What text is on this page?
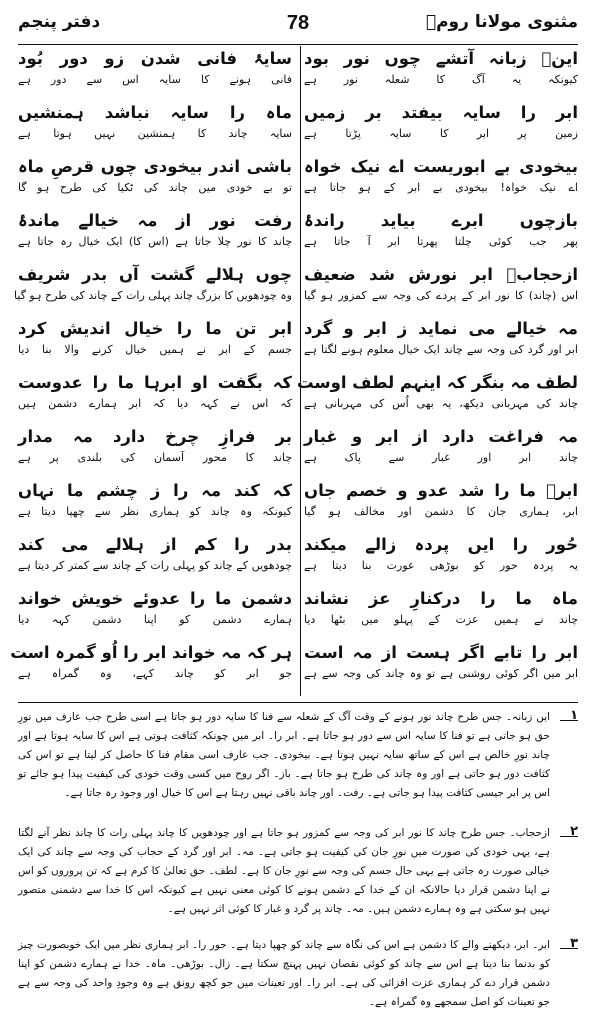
مثنوی مولانا رومؒ
78
دفتر پنجم
اینؔ زبانہ آتشے چوں نور بود
کیونکہ یہ آگ کا شعلہ نور ہے
ابر را سایہ بیفتد بر زمیں
زمین پر ابر کا سایہ پڑتا ہے
بیخودی بے ابوریست اے نیک خواہ
اے نیک خواہ! بیخودی بے ابر کے ہو جاتا ہے
بازچوں ابرے بیاید راندۂ
پھر جب کوئی چلتا پھرتا ابر آ جاتا ہے
ازحجابؔ ابر نورش شد ضعیف
اس (چاند) کا نور ابر کے پردے کی وجہ سے کمزور ہو گیا
مہ خیالے می نماید ز ابر و گرد
ابر اور گرد کی وجہ سے چاند ایک خیال معلوم ہونے لگتا ہے
لطف مہ بنگر کہ اینہم لطف اوست
چاند کی مہربانی دیکھ، یہ بھی اُس کی مہربانی ہے
مہ فراغت دارد از ابر و غبار
چاند ابر اور غبار سے پاک ہے
ابرؔ ما را شد عدو و خصم جاں
ابر، ہماری جان کا دشمن اور مخالف ہو گیا
حُور را ایں پردہ زالے میکند
یہ پردہ حور کو بوڑھی عورت بنا دیتا ہے
ماہ ما را درکنارِ عز نشاند
چاند نے ہمیں عزت کے پہلو میں بٹھا دیا
ابر را تابے اگر ہست از مہ است
ابر میں اگر کوئی روشنی ہے تو وہ چاند کی وجہ سے ہے
سایۂ فانی شدن زو دور بُود
فانی ہونے کا سایہ اس سے دور ہے
ماہ را سایہ نباشد ہمنشیں
سایہ چاند کا ہمنشین نہیں ہوتا ہے
باشی اندر بیخودی چوں قرصِ ماہ
تو بے خودی میں چاند کی ٹکیا کی طرح ہو گا
رفت نور از مہ خیالے ماندۂ
چاند کا نور چلا جاتا ہے (اس کا) ایک خیال رہ جاتا ہے
چوں ہلالے گشت آں بدر شریف
وہ چودھویں کا بزرگ چاند پہلی رات کے چاند کی طرح ہو گیا
ابر تن ما را خیال اندیش کرد
جسم کے ابر نے ہمیں خیال کرنے والا بنا دیا
کہ بگفت او ابرہا ما را عدوست
کہ اس نے کہہ دیا کہ ابر ہمارے دشمن ہیں
بر فرازِ چرخ دارد مہ مدار
چاند کا محور آسمان کی بلندی پر ہے
کہ کند مہ را ز چشم ما نہاں
کیونکہ وہ چاند کو ہماری نظر سے چھپا دیتا ہے
بدر را کم از ہلالے می کند
چودھویں کے چاند کو پہلی رات کے چاند سے کمتر کر دیتا ہے
دشمن ما را عدوئے خویش خواند
ہمارے دشمن کو اپنا دشمن کہہ دیا
ہر کہ مہ خواند ابر را اُو گمرہ است
جو ابر کو چاند کہے، وہ گمراہ ہے
۱
ایں زبانہ۔ جس طرح چاند نور ہونے کے وقت آگ کے شعلہ سے فنا کا سایہ دور ہو جاتا ہے اسی طرح جب عارف میں نورِ حق ہو جاتی ہے تو فنا کا سایہ اس سے دور ہو جاتا ہے۔ ابر را۔ ابر میں چونکہ کثافت ہوتی ہے اس کا سایہ ہوتا ہے اور چاند نورِ خالص ہے اس کے ساتھ سایہ نہیں ہوتا ہے۔ بیخودی۔ جب عارف اسی مقام فنا کا حاصل کر لیتا ہے تو اس کی کثافت دور ہو جاتی ہے اور وہ چاند کی طرح ہو جاتا ہے۔ باز۔ اگر روح میں کسی وقت خودی کی کیفیت پیدا ہو جائے تو اس پر ابر جیسی کثافت پیدا ہو جاتی ہے۔ رفت۔ اور چاند باقی نہیں رہتا ہے اس کا خیال اور وجود رہ جاتا ہے۔
۲
ازحجاب۔ جس طرح چاند کا نور ابر کی وجہ سے کمزور ہو جاتا ہے اور چودھویں کا چاند پہلی رات کا چاند نظر آنے لگتا ہے، یہی خودی کی صورت میں نورِ جان کی کیفیت ہو جاتی ہے۔ مہ۔ ابر اور گرد کے حجاب کی وجہ سے چاند کی ایک خیالی صورت رہ جاتی ہے یہی حال جسم کی وجہ سے نورِ جان کا ہے۔ لطف۔ حق تعالیٰ کا کرم ہے کہ تن پروروں کو اس نے اپنا دشمن قرار دیا حالانکہ ان کے خدا کے دشمن ہونے کا کوئی معنی نہیں ہے کیونکہ اس کا خدا سے دشمنی متصور نہیں ہو سکتی ہے وہ ہمارے دشمن ہیں۔ مہ۔ چاند پر گرد و غبار کا کوئی اثر نہیں ہے۔
۳
ابر۔ ابر، دیکھنے والے کا دشمن ہے اس کی نگاہ سے چاند کو چھپا دیتا ہے۔ حور را۔ ابر ہماری نظر میں ایک خوبصورت چیز کو بدنما بنا دیتا ہے اس سے چاند کو کوئی نقصان نہیں پہنچ سکتا ہے۔ زال۔ بوڑھی۔ ماہ۔ خدا نے ہمارے دشمن کو اپنا دشمن قرار دے کر ہماری عزت افزائی کی ہے۔ ابر را۔ اور تعینات میں جو کچھ رونق ہے وہ وجودِ واحد کی وجہ سے ہے جو تعینات کو اصل سمجھے وہ گمراہ ہے۔
